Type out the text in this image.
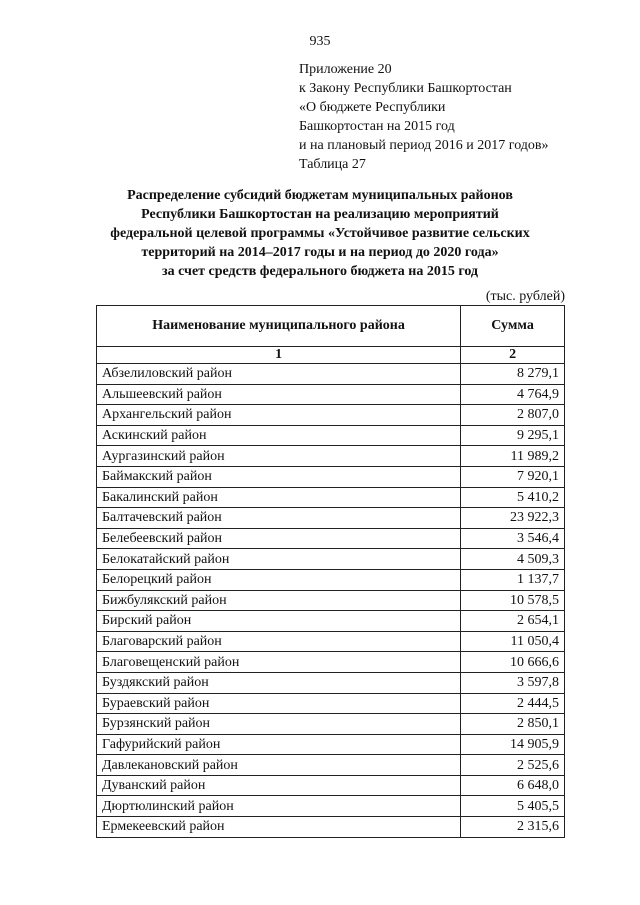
935
Приложение 20
к Закону Республики Башкортостан
«О бюджете Республики
Башкортостан на 2015 год
и на плановый период 2016 и 2017 годов»
Таблица 27
Распределение субсидий бюджетам муниципальных районов
Республики Башкортостан на реализацию мероприятий
федеральной целевой программы «Устойчивое развитие сельских
территорий на 2014–2017 годы и на период до 2020 года»
за счет средств федерального бюджета на 2015 год
(тыс. рублей)
Наименование муниципального района	Сумма
1	2
Абзелиловский район	8 279,1
Альшеевский район	4 764,9
Архангельский район	2 807,0
Аскинский район	9 295,1
Аургазинский район	11 989,2
Баймакский район	7 920,1
Бакалинский район	5 410,2
Балтачевский район	23 922,3
Белебеевский район	3 546,4
Белокатайский район	4 509,3
Белорецкий район	1 137,7
Бижбулякский район	10 578,5
Бирский район	2 654,1
Благоварский район	11 050,4
Благовещенский район	10 666,6
Буздякский район	3 597,8
Бураевский район	2 444,5
Бурзянский район	2 850,1
Гафурийский район	14 905,9
Давлекановский район	2 525,6
Дуванский район	6 648,0
Дюртюлинский район	5 405,5
Ермекеевский район	2 315,6
